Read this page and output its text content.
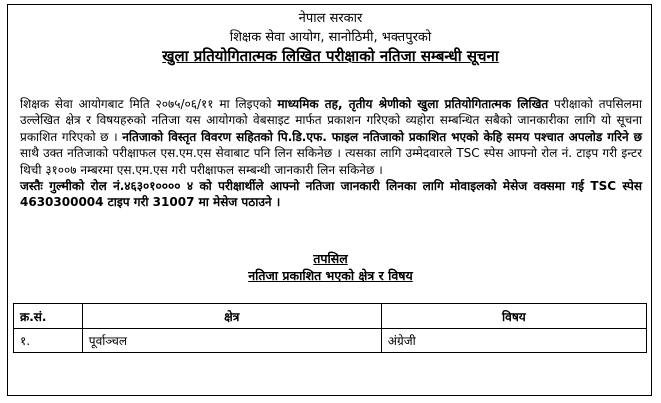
नेपाल सरकार
शिक्षक सेवा आयोग, सानोठिमी, भक्तपुरको
खुला प्रतियोगितात्मक लिखित परीक्षाको नतिजा सम्बन्धी सूचना

शिक्षक सेवा आयोगबाट मिति २०७५/०६/११ मा लिइएको माध्यमिक तह, तृतीय श्रेणीको खुला प्रतियोगितात्मक लिखित परीक्षाको तपसिलमा उल्लेखित क्षेत्र र विषयहरुको नतिजा यस आयोगको वेबसाइट मार्फत प्रकाशन गरिएको व्यहोरा सम्बन्धित सबैको जानकारीका लागि यो सूचना प्रकाशित गरिएको छ । नतिजाको विस्तृत विवरण सहितको पि.डि.एफ. फाइल नतिजाको प्रकाशित भएको केहि समय पश्चात अपलोड गरिने छ साथै उक्त नतिजाको परीक्षाफल एस.एम.एस सेवाबाट पनि लिन सकिनेछ । त्यसका लागि उम्मेदवारले TSC स्पेस आफ्नो रोल नं. टाइप गरी इन्टर थिची ३१००७ नम्बरमा एस.एम.एस गरी परीक्षाफल सम्बन्धी जानकारी लिन सकिनेछ ।

जस्तैः गुल्मीको रोल नं.४६३०१०००० ४ को परीक्षार्थीले आफ्नो नतिजा जानकारी लिनका लागि मोवाइलको मेसेज वक्समा गई TSC स्पेस 4630300004 टाइप गरी 31007 मा मेसेज पठाउने ।

तपसिल
नतिजा प्रकाशित भएको क्षेत्र र विषय
क्र.सं.	क्षेत्र	विषय
१.	पूर्वाञ्चल	अंग्रेजी
